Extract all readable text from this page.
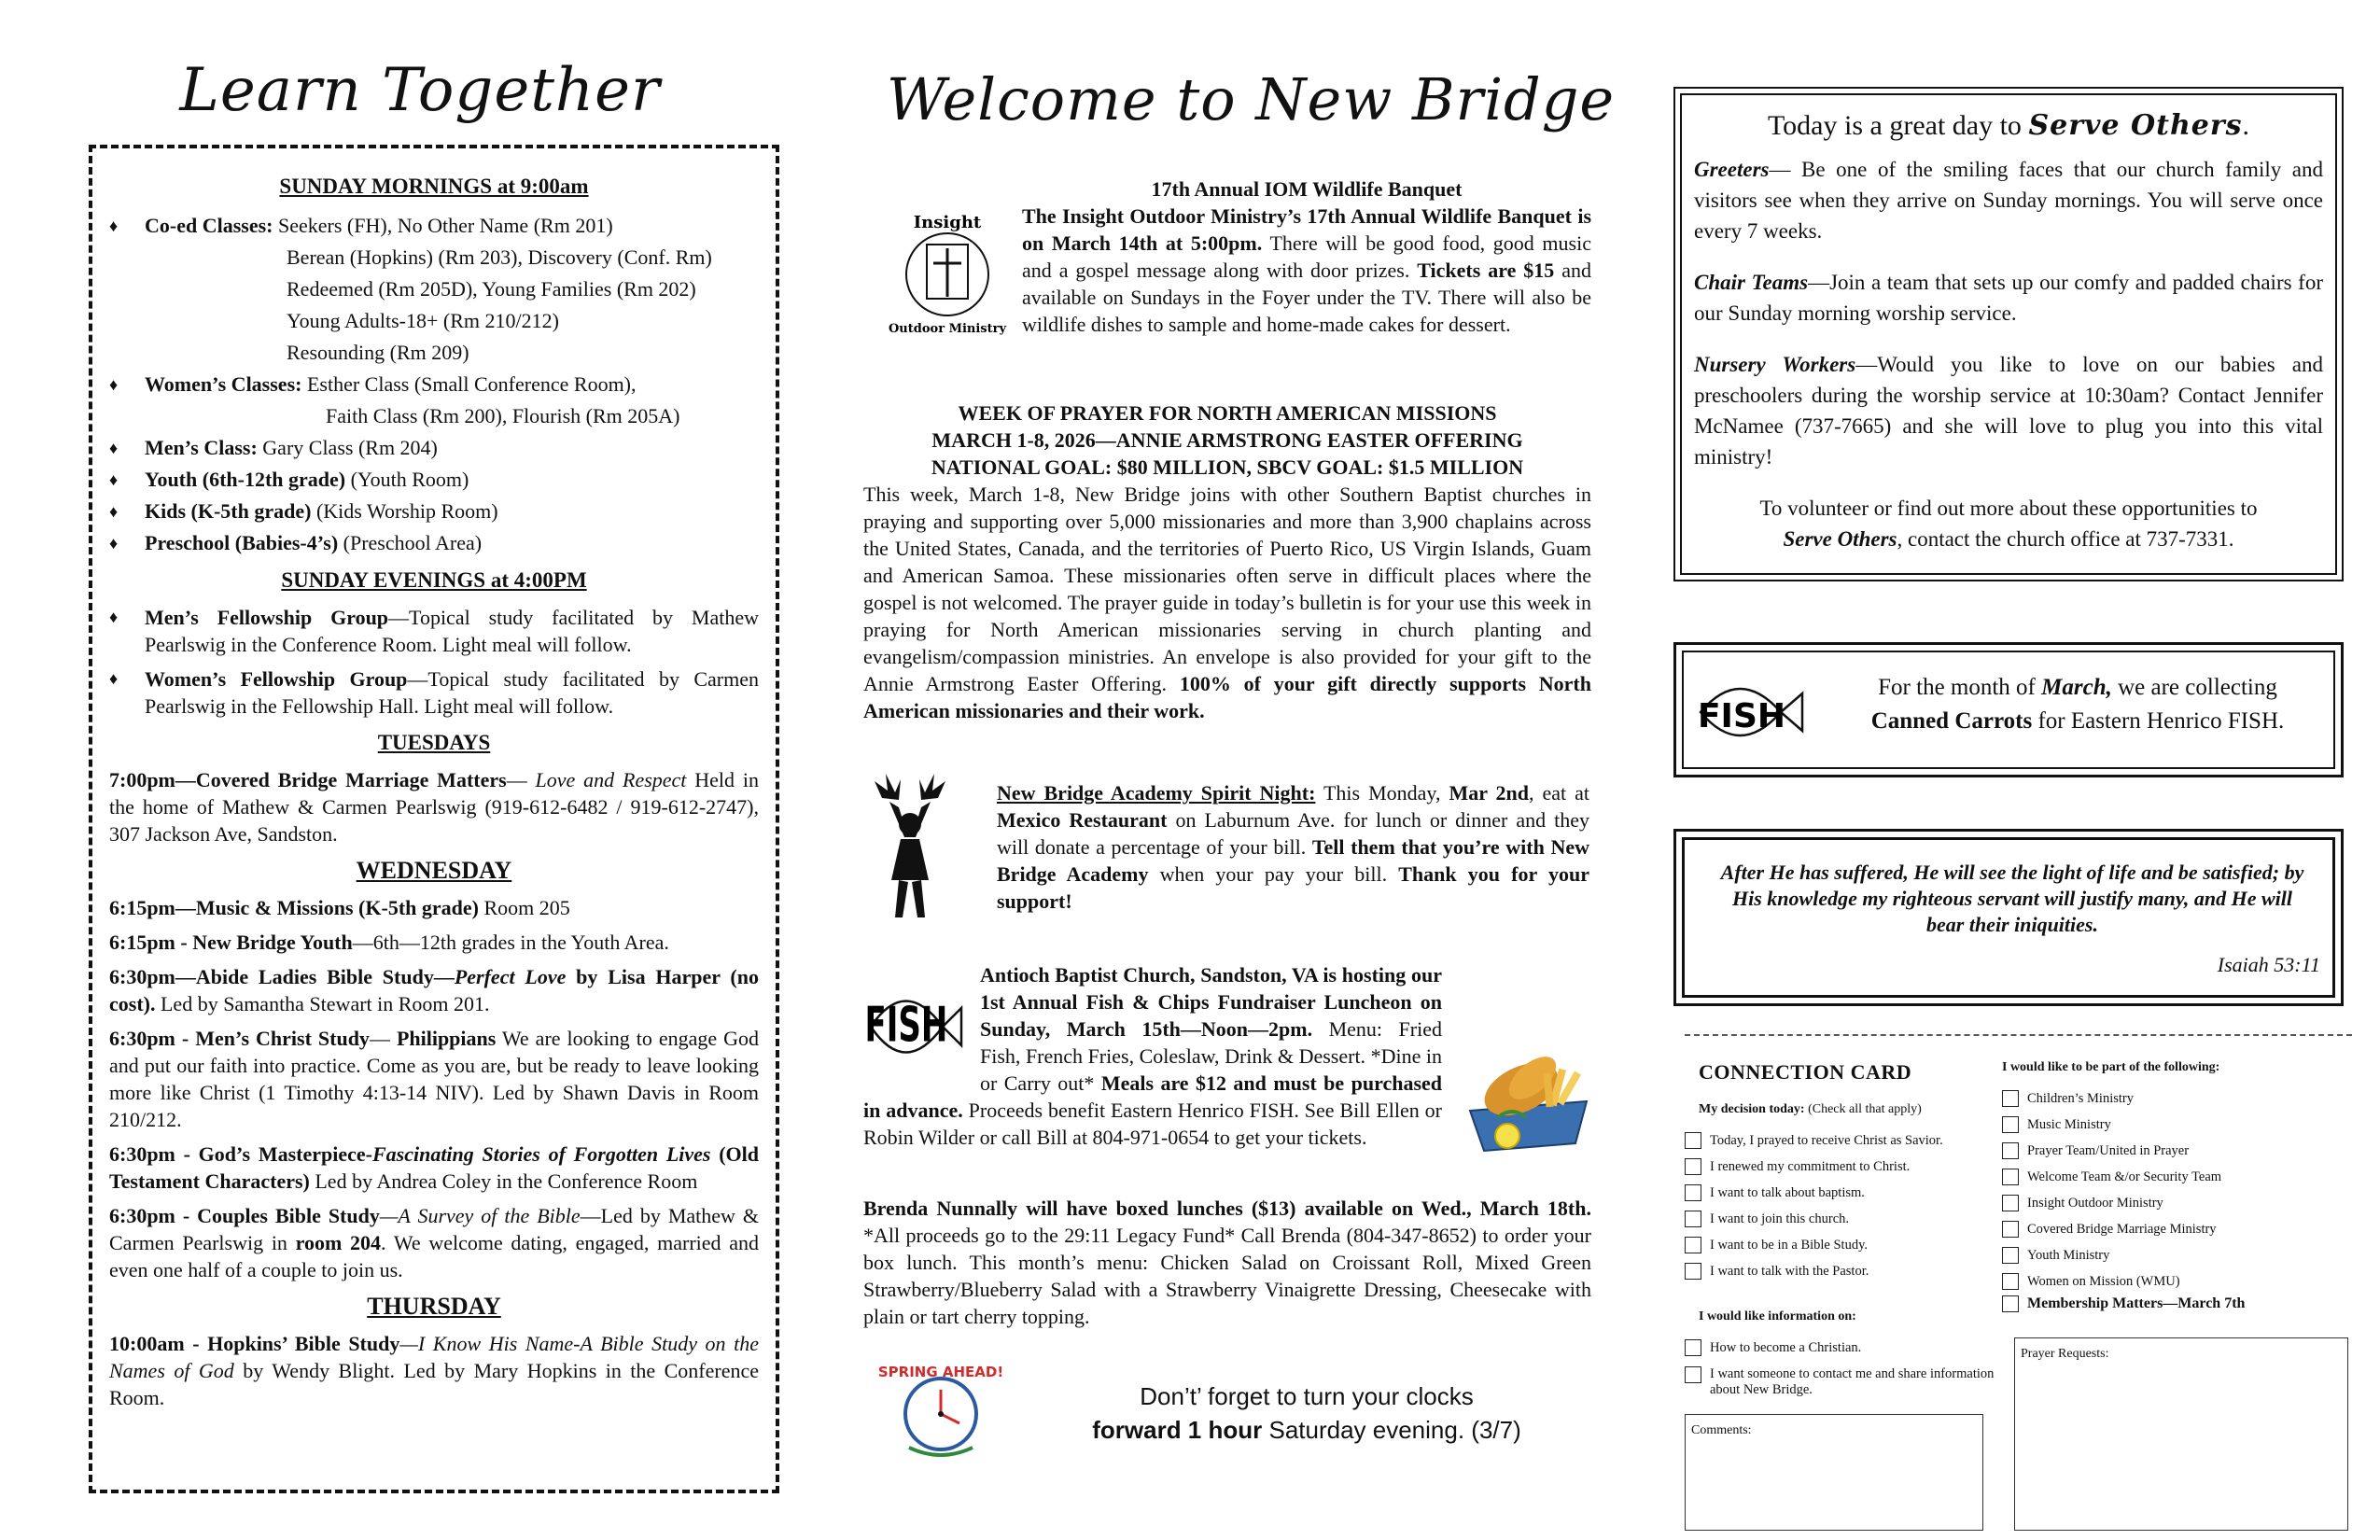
Learn Together
SUNDAY MORNINGS at 9:00am
♦ Co-ed Classes: Seekers (FH), No Other Name (Rm 201)
Berean (Hopkins) (Rm 203), Discovery (Conf. Rm)
Redeemed (Rm 205D), Young Families (Rm 202)
Young Adults-18+ (Rm 210/212)
Resounding (Rm 209)
♦ Women’s Classes: Esther Class (Small Conference Room),
Faith Class (Rm 200), Flourish (Rm 205A)
♦ Men’s Class: Gary Class (Rm 204)
♦ Youth (6th-12th grade) (Youth Room)
♦ Kids (K-5th grade) (Kids Worship Room)
♦ Preschool (Babies-4’s) (Preschool Area)
SUNDAY EVENINGS at 4:00PM
♦ Men’s Fellowship Group—Topical study facilitated by Mathew Pearlswig in the Conference Room. Light meal will follow.
♦ Women’s Fellowship Group—Topical study facilitated by Carmen Pearlswig in the Fellowship Hall. Light meal will follow.
TUESDAYS
7:00pm—Covered Bridge Marriage Matters— Love and Respect Held in the home of Mathew & Carmen Pearlswig (919-612-6482 / 919-612-2747), 307 Jackson Ave, Sandston.
WEDNESDAY
6:15pm—Music & Missions (K-5th grade) Room 205
6:15pm - New Bridge Youth—6th—12th grades in the Youth Area.
6:30pm—Abide Ladies Bible Study—Perfect Love by Lisa Harper (no cost). Led by Samantha Stewart in Room 201.
6:30pm - Men’s Christ Study— Philippians We are looking to engage God and put our faith into practice. Come as you are, but be ready to leave looking more like Christ (1 Timothy 4:13-14 NIV). Led by Shawn Davis in Room 210/212.
6:30pm - God’s Masterpiece-Fascinating Stories of Forgotten Lives (Old Testament Characters) Led by Andrea Coley in the Conference Room
6:30pm - Couples Bible Study—A Survey of the Bible—Led by Mathew & Carmen Pearlswig in room 204. We welcome dating, engaged, married and even one half of a couple to join us.
THURSDAY
10:00am - Hopkins’ Bible Study—I Know His Name-A Bible Study on the Names of God by Wendy Blight. Led by Mary Hopkins in the Conference Room.
Welcome to New Bridge
Insight
Outdoor Ministry
17th Annual IOM Wildlife Banquet
The Insight Outdoor Ministry’s 17th Annual Wildlife Banquet is on March 14th at 5:00pm. There will be good food, good music and a gospel message along with door prizes. Tickets are $15 and available on Sundays in the Foyer under the TV. There will also be wildlife dishes to sample and home-made cakes for dessert.
WEEK OF PRAYER FOR NORTH AMERICAN MISSIONS
MARCH 1-8, 2026—ANNIE ARMSTRONG EASTER OFFERING
NATIONAL GOAL: $80 MILLION, SBCV GOAL: $1.5 MILLION
This week, March 1-8, New Bridge joins with other Southern Baptist churches in praying and supporting over 5,000 missionaries and more than 3,900 chaplains across the United States, Canada, and the territories of Puerto Rico, US Virgin Islands, Guam and American Samoa. These missionaries often serve in difficult places where the gospel is not welcomed. The prayer guide in today’s bulletin is for your use this week in praying for North American missionaries serving in church planting and evangelism/compassion ministries. An envelope is also provided for your gift to the Annie Armstrong Easter Offering. 100% of your gift directly supports North American missionaries and their work.
New Bridge Academy Spirit Night: This Monday, Mar 2nd, eat at Mexico Restaurant on Laburnum Ave. for lunch or dinner and they will donate a percentage of your bill. Tell them that you’re with New Bridge Academy when your pay your bill. Thank you for your support!
Antioch Baptist Church, Sandston, VA is hosting our 1st Annual Fish & Chips Fundraiser Luncheon on Sunday, March 15th—Noon—2pm. Menu: Fried Fish, French Fries, Coleslaw, Drink & Dessert. *Dine in or Carry out* Meals are $12 and must be purchased in advance. Proceeds benefit Eastern Henrico FISH. See Bill Ellen or Robin Wilder or call Bill at 804-971-0654 to get your tickets.
FISH
Brenda Nunnally will have boxed lunches ($13) available on Wed., March 18th. *All proceeds go to the 29:11 Legacy Fund* Call Brenda (804-347-8652) to order your box lunch. This month’s menu: Chicken Salad on Croissant Roll, Mixed Green Strawberry/Blueberry Salad with a Strawberry Vinaigrette Dressing, Cheesecake with plain or tart cherry topping.
SPRING AHEAD!
Don’t’ forget to turn your clocks
forward 1 hour Saturday evening. (3/7)
Today is a great day to Serve Others.
Greeters— Be one of the smiling faces that our church family and visitors see when they arrive on Sunday mornings. You will serve once every 7 weeks.
Chair Teams—Join a team that sets up our comfy and padded chairs for our Sunday morning worship service.
Nursery Workers—Would you like to love on our babies and preschoolers during the worship service at 10:30am? Contact Jennifer McNamee (737-7665) and she will love to plug you into this vital ministry!
To volunteer or find out more about these opportunities to
Serve Others, contact the church office at 737-7331.
FISH
For the month of March, we are collecting
Canned Carrots for Eastern Henrico FISH.
After He has suffered, He will see the light of life and be satisfied; by His knowledge my righteous servant will justify many, and He will bear their iniquities.
Isaiah 53:11
CONNECTION CARD
My decision today: (Check all that apply)
Today, I prayed to receive Christ as Savior.
I renewed my commitment to Christ.
I want to talk about baptism.
I want to join this church.
I want to be in a Bible Study.
I want to talk with the Pastor.
I would like information on:
How to become a Christian.
I want someone to contact me and share information about New Bridge.
I would like to be part of the following:
Children’s Ministry
Music Ministry
Prayer Team/United in Prayer
Welcome Team &/or Security Team
Insight Outdoor Ministry
Covered Bridge Marriage Ministry
Youth Ministry
Women on Mission (WMU)
Membership Matters—March 7th
Comments:
Prayer Requests:
